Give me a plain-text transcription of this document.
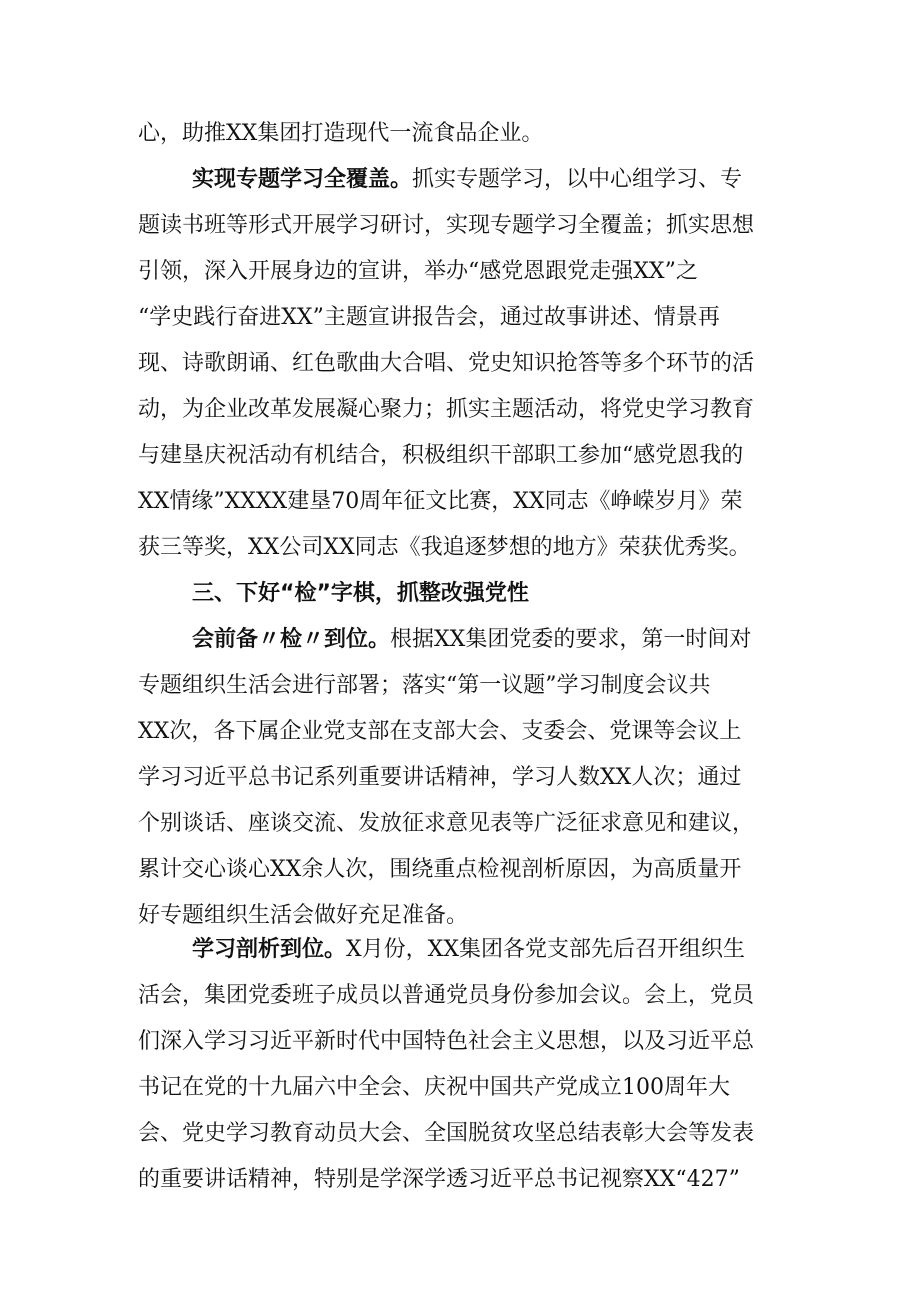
心，助推XX集团打造现代一流食品企业。
实现专题学习全覆盖。抓实专题学习，以中心组学习、专
题读书班等形式开展学习研讨，实现专题学习全覆盖；抓实思想
引领，深入开展身边的宣讲，举办“感党恩跟党走强XX”之
“学史践行奋进XX”主题宣讲报告会，通过故事讲述、情景再
现、诗歌朗诵、红色歌曲大合唱、党史知识抢答等多个环节的活
动，为企业改革发展凝心聚力；抓实主题活动，将党史学习教育
与建垦庆祝活动有机结合，积极组织干部职工参加“感党恩我的
XX情缘”XXXX建垦70周年征文比赛，XX同志《峥嵘岁月》荣
获三等奖，XX公司XX同志《我追逐梦想的地方》荣获优秀奖。
三、下好“检”字棋，抓整改强党性
会前备〃检〃到位。根据XX集团党委的要求，第一时间对
专题组织生活会进行部署；落实“第一议题”学习制度会议共
XX次，各下属企业党支部在支部大会、支委会、党课等会议上
学习习近平总书记系列重要讲话精神，学习人数XX人次；通过
个别谈话、座谈交流、发放征求意见表等广泛征求意见和建议，
累计交心谈心XX余人次，围绕重点检视剖析原因，为高质量开
好专题组织生活会做好充足准备。
学习剖析到位。X月份，XX集团各党支部先后召开组织生
活会，集团党委班子成员以普通党员身份参加会议。会上，党员
们深入学习习近平新时代中国特色社会主义思想，以及习近平总
书记在党的十九届六中全会、庆祝中国共产党成立100周年大
会、党史学习教育动员大会、全国脱贫攻坚总结表彰大会等发表
的重要讲话精神，特别是学深学透习近平总书记视察XX“427”
